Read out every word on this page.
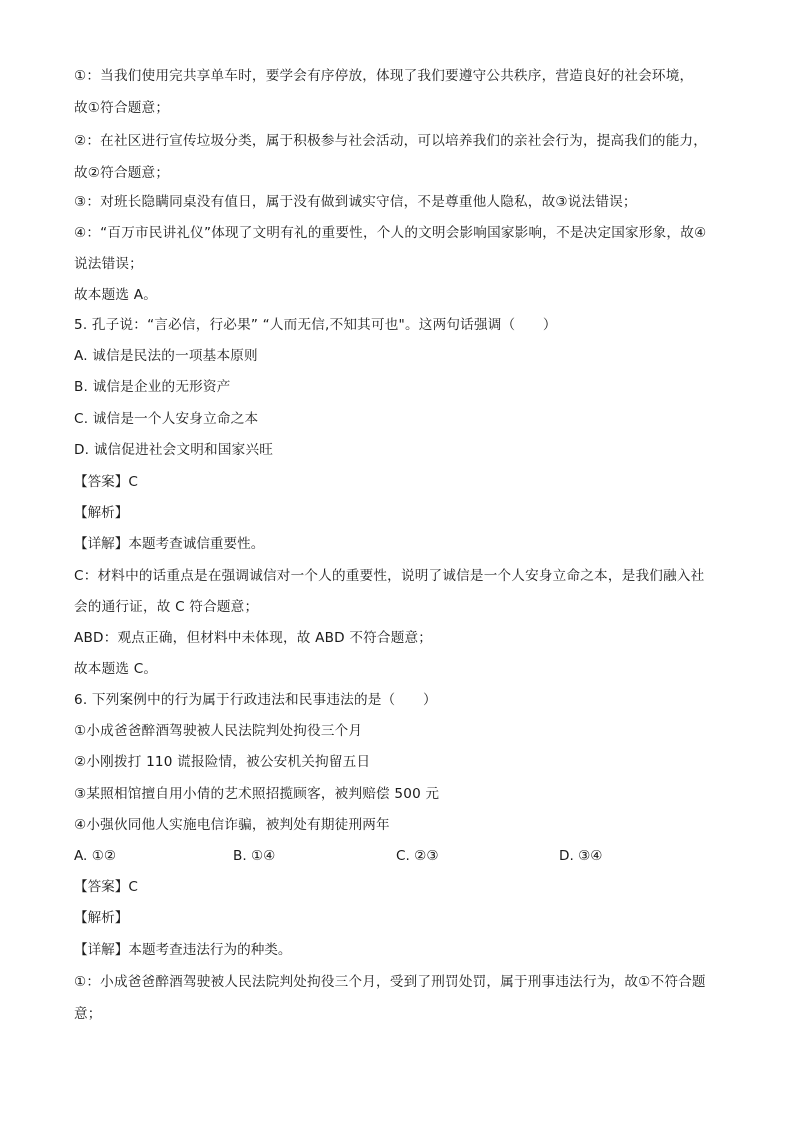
①：当我们使用完共享单车时，要学会有序停放，体现了我们要遵守公共秩序，营造良好的社会环境，
故①符合题意；
②：在社区进行宣传垃圾分类，属于积极参与社会活动，可以培养我们的亲社会行为，提高我们的能力，
故②符合题意；
③：对班长隐瞒同桌没有值日，属于没有做到诚实守信，不是尊重他人隐私，故③说法错误；
④：“百万市民讲礼仪”体现了文明有礼的重要性，个人的文明会影响国家影响，不是决定国家形象，故④
说法错误；
故本题选 A。
5. 孔子说：“言必信，行必果” “人而无信,不知其可也"。这两句话强调（　　）
A. 诚信是民法的一项基本原则
B. 诚信是企业的无形资产
C. 诚信是一个人安身立命之本
D. 诚信促进社会文明和国家兴旺
【答案】C
【解析】
【详解】本题考查诚信重要性。
C：材料中的话重点是在强调诚信对一个人的重要性，说明了诚信是一个人安身立命之本，是我们融入社
会的通行证，故 C 符合题意；
ABD：观点正确，但材料中未体现，故 ABD 不符合题意；
故本题选 C。
6. 下列案例中的行为属于行政违法和民事违法的是（　　）
①小成爸爸醉酒驾驶被人民法院判处拘役三个月
②小刚拨打 110 谎报险情，被公安机关拘留五日
③某照相馆擅自用小倩的艺术照招揽顾客，被判赔偿 500 元
④小强伙同他人实施电信诈骗，被判处有期徒刑两年
A. ①②	B. ①④	C. ②③	D. ③④
【答案】C
【解析】
【详解】本题考查违法行为的种类。
①：小成爸爸醉酒驾驶被人民法院判处拘役三个月，受到了刑罚处罚，属于刑事违法行为，故①不符合题
意；
